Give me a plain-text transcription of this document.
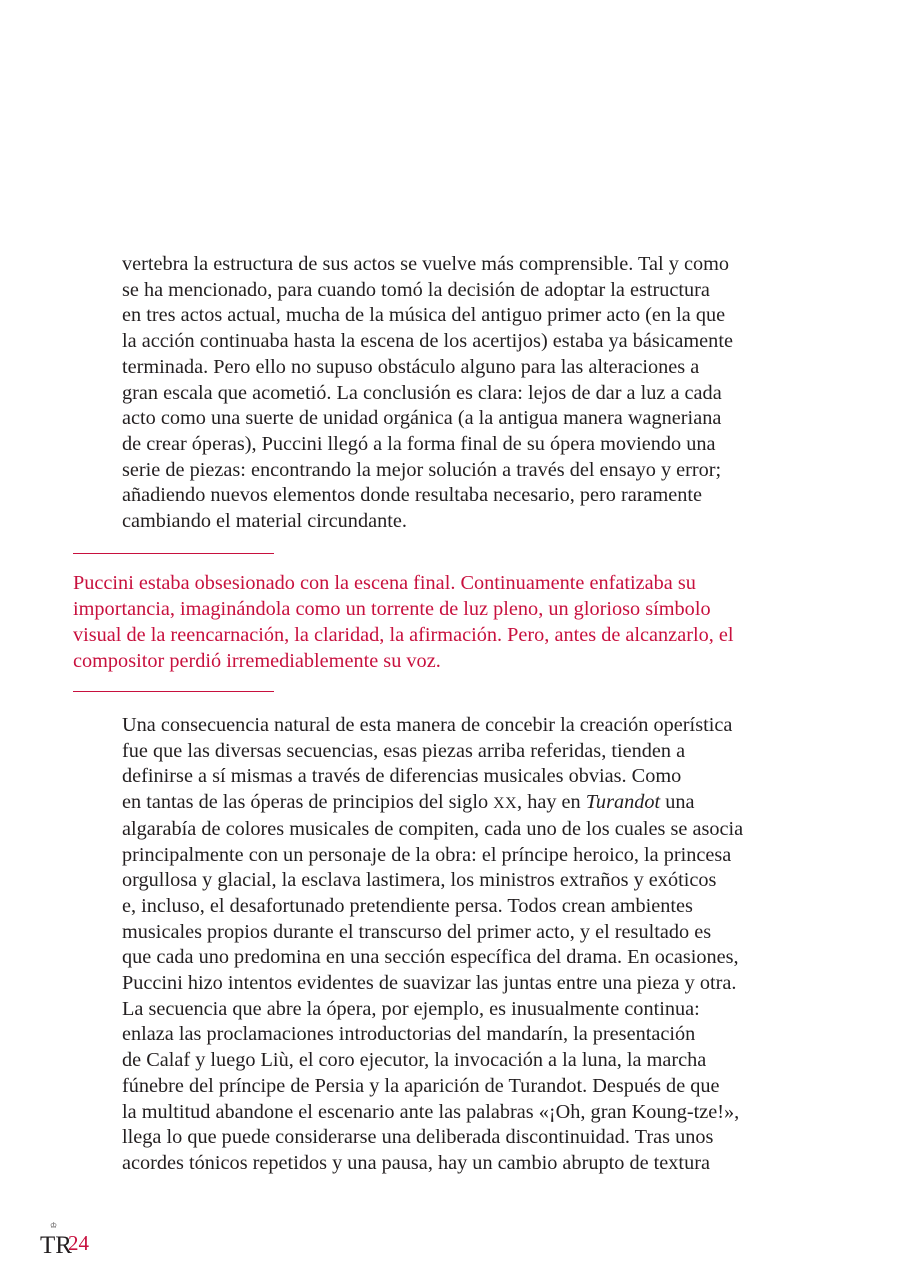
vertebra la estructura de sus actos se vuelve más comprensible. Tal y como
se ha mencionado, para cuando tomó la decisión de adoptar la estructura
en tres actos actual, mucha de la música del antiguo primer acto (en la que
la acción continuaba hasta la escena de los acertijos) estaba ya básicamente
terminada. Pero ello no supuso obstáculo alguno para las alteraciones a
gran escala que acometió. La conclusión es clara: lejos de dar a luz a cada
acto como una suerte de unidad orgánica (a la antigua manera wagneriana
de crear óperas), Puccini llegó a la forma final de su ópera moviendo una
serie de piezas: encontrando la mejor solución a través del ensayo y error;
añadiendo nuevos elementos donde resultaba necesario, pero raramente
cambiando el material circundante.
Puccini estaba obsesionado con la escena final. Continuamente enfatizaba su
importancia, imaginándola como un torrente de luz pleno, un glorioso símbolo
visual de la reencarnación, la claridad, la afirmación. Pero, antes de alcanzarlo, el
compositor perdió irremediablemente su voz.
Una consecuencia natural de esta manera de concebir la creación operística
fue que las diversas secuencias, esas piezas arriba referidas, tienden a
definirse a sí mismas a través de diferencias musicales obvias. Como
en tantas de las óperas de principios del siglo XX, hay en Turandot una
algarabía de colores musicales de compiten, cada uno de los cuales se asocia
principalmente con un personaje de la obra: el príncipe heroico, la princesa
orgullosa y glacial, la esclava lastimera, los ministros extraños y exóticos
e, incluso, el desafortunado pretendiente persa. Todos crean ambientes
musicales propios durante el transcurso del primer acto, y el resultado es
que cada uno predomina en una sección específica del drama. En ocasiones,
Puccini hizo intentos evidentes de suavizar las juntas entre una pieza y otra.
La secuencia que abre la ópera, por ejemplo, es inusualmente continua:
enlaza las proclamaciones introductorias del mandarín, la presentación
de Calaf y luego Liù, el coro ejecutor, la invocación a la luna, la marcha
fúnebre del príncipe de Persia y la aparición de Turandot. Después de que
la multitud abandone el escenario ante las palabras «¡Oh, gran Koung-tze!»,
llega lo que puede considerarse una deliberada discontinuidad. Tras unos
acordes tónicos repetidos y una pausa, hay un cambio abrupto de textura
♔
TR
24
